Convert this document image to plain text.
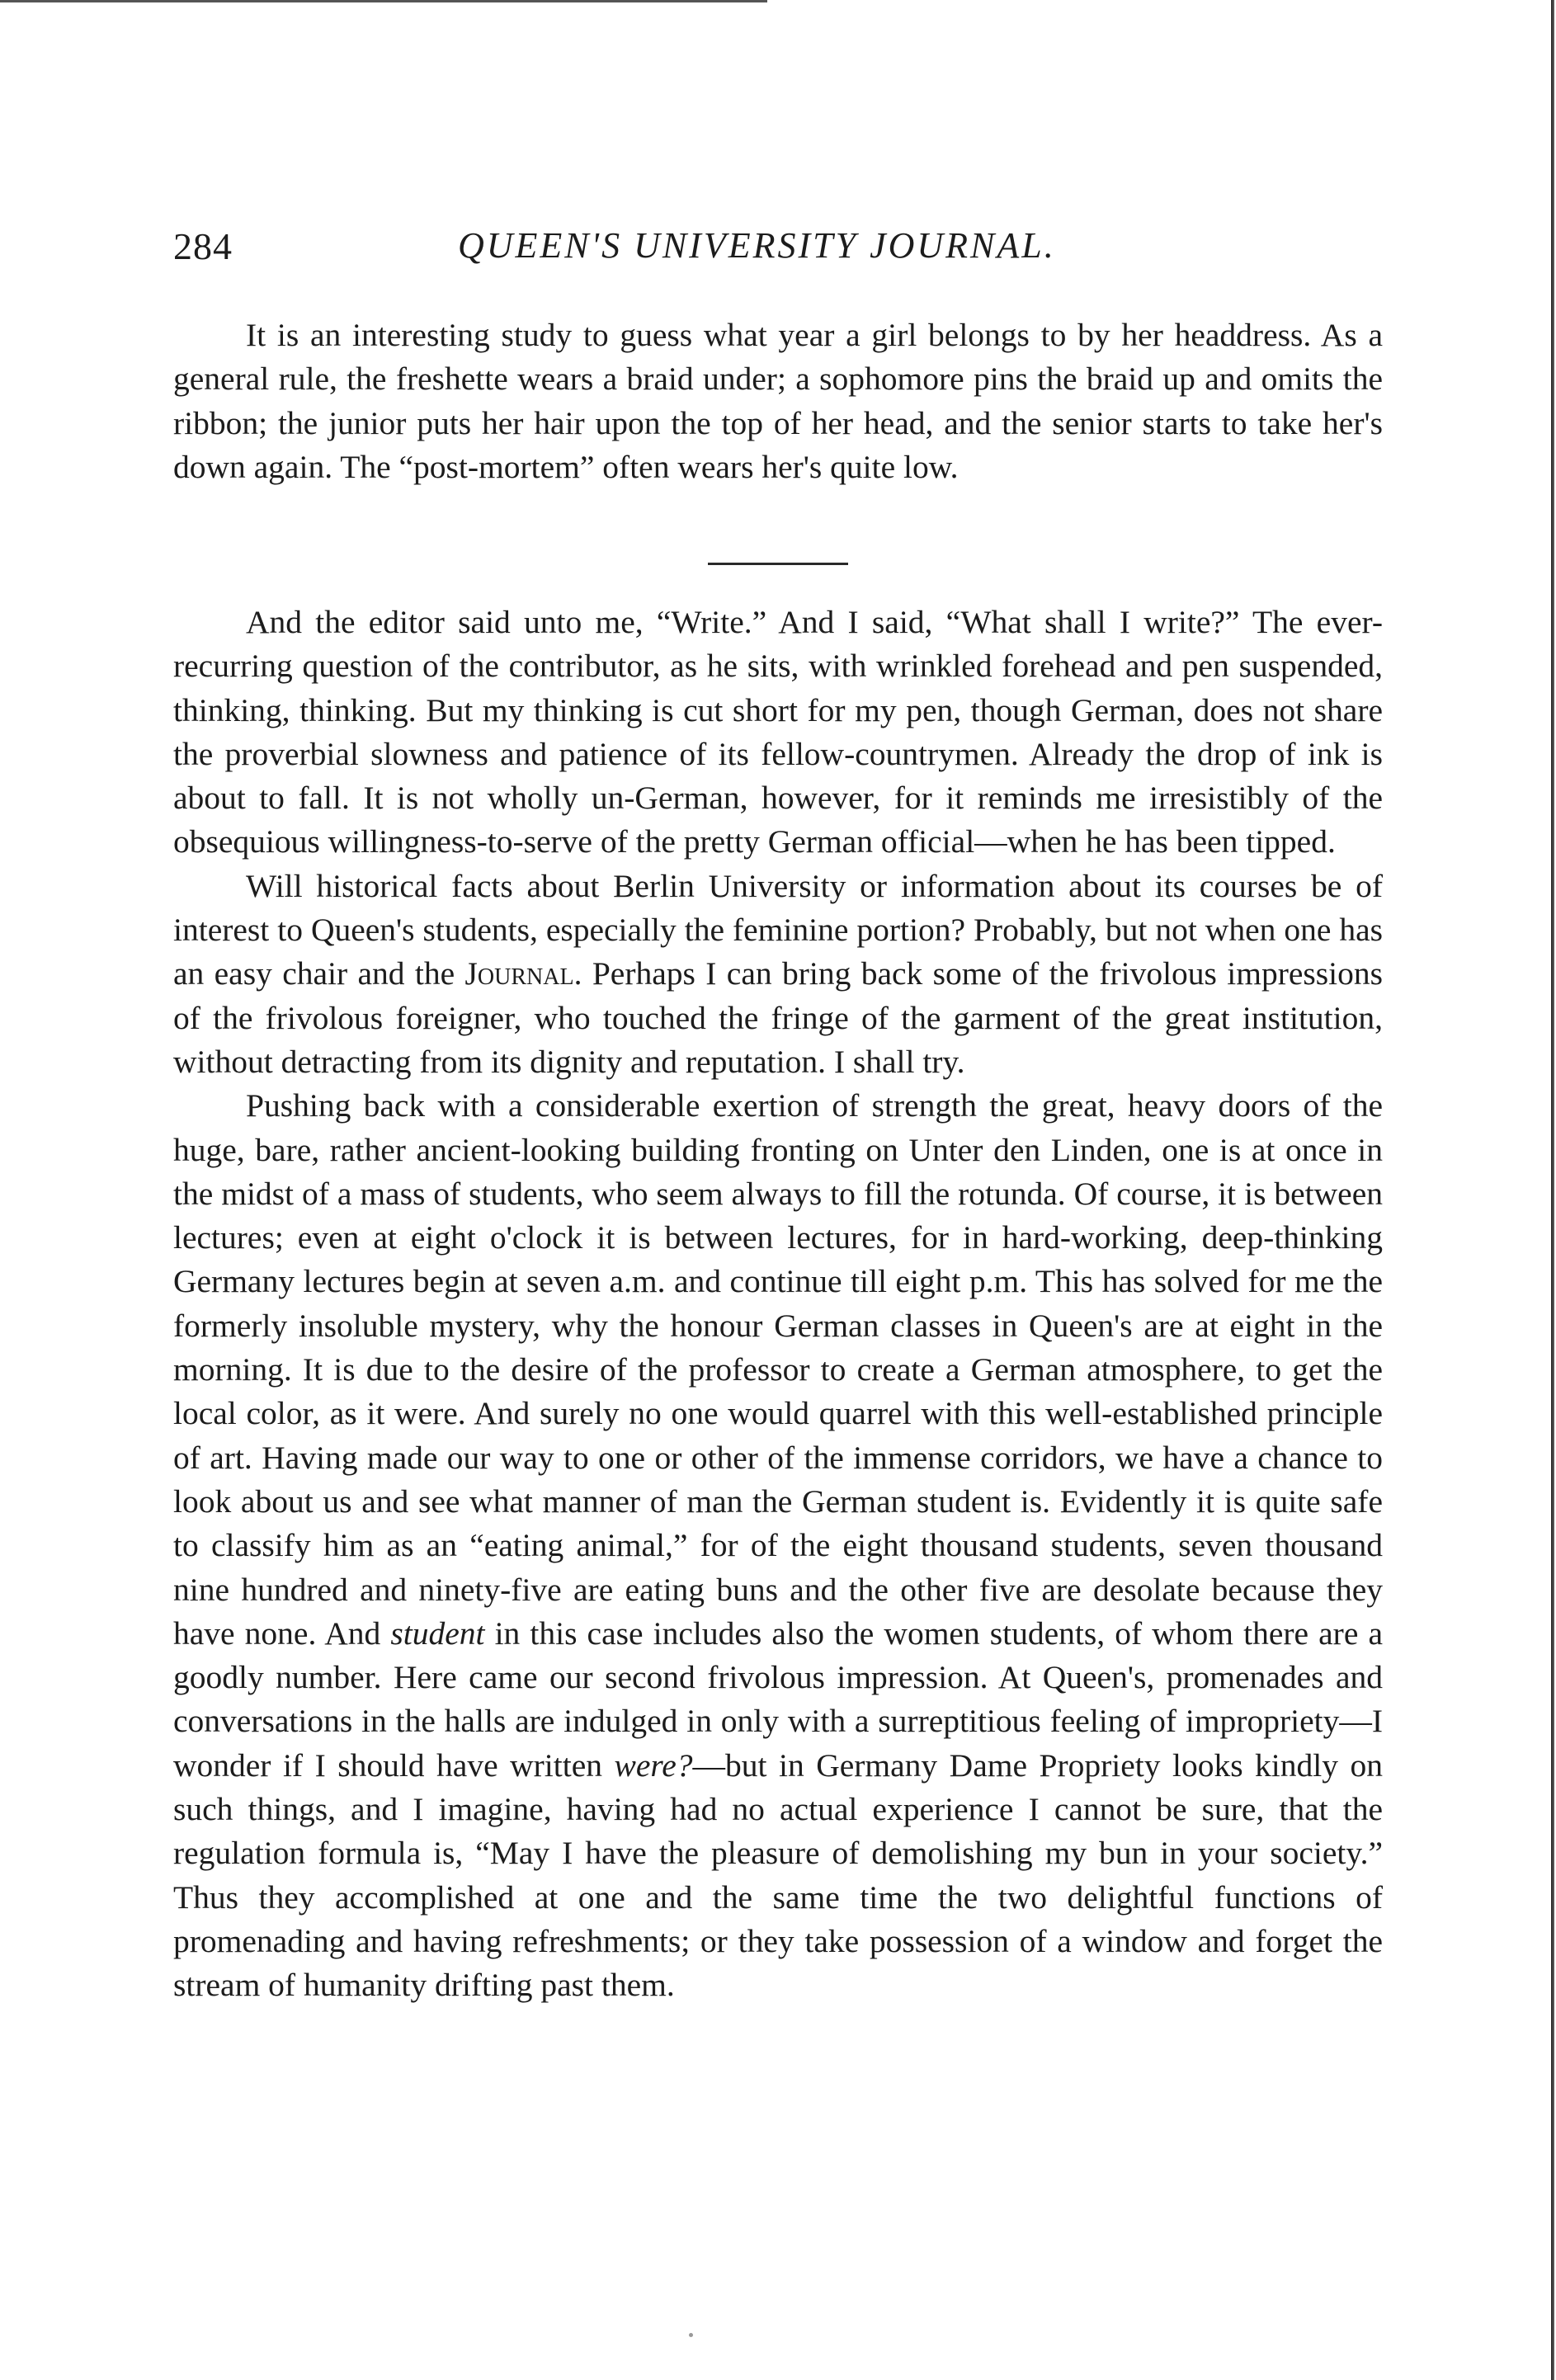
284	QUEEN'S UNIVERSITY JOURNAL.

It is an interesting study to guess what year a girl belongs to by her headdress. As a general rule, the freshette wears a braid under; a sophomore pins the braid up and omits the ribbon; the junior puts her hair upon the top of her head, and the senior starts to take her's down again. The “post-mortem” often wears her's quite low.

And the editor said unto me, “Write.” And I said, “What shall I write?” The ever-recurring question of the contributor, as he sits, with wrinkled forehead and pen suspended, thinking, thinking. But my thinking is cut short for my pen, though German, does not share the proverbial slowness and patience of its fellow-countrymen. Already the drop of ink is about to fall. It is not wholly un-German, however, for it reminds me irresistibly of the obsequious willingness-to-serve of the pretty German official—when he has been tipped.

Will historical facts about Berlin University or information about its courses be of interest to Queen's students, especially the feminine portion? Probably, but not when one has an easy chair and the Journal. Perhaps I can bring back some of the frivolous impressions of the frivolous foreigner, who touched the fringe of the garment of the great institution, without detracting from its dignity and reputation. I shall try.

Pushing back with a considerable exertion of strength the great, heavy doors of the huge, bare, rather ancient-looking building fronting on Unter den Linden, one is at once in the midst of a mass of students, who seem always to fill the rotunda. Of course, it is between lectures; even at eight o'clock it is between lectures, for in hard-working, deep-thinking Germany lectures begin at seven a.m. and continue till eight p.m. This has solved for me the formerly insoluble mystery, why the honour German classes in Queen's are at eight in the morning. It is due to the desire of the professor to create a German atmosphere, to get the local color, as it were. And surely no one would quarrel with this well-established principle of art. Having made our way to one or other of the immense corridors, we have a chance to look about us and see what manner of man the German student is. Evidently it is quite safe to classify him as an “eating animal,” for of the eight thousand students, seven thousand nine hundred and ninety-five are eating buns and the other five are desolate because they have none. And student in this case includes also the women students, of whom there are a goodly number. Here came our second frivolous impression. At Queen's, promenades and conversations in the halls are indulged in only with a surreptitious feeling of impropriety—I wonder if I should have written were?—but in Germany Dame Propriety looks kindly on such things, and I imagine, having had no actual experience I cannot be sure, that the regulation formula is, “May I have the pleasure of demolishing my bun in your society.” Thus they accomplished at one and the same time the two delightful functions of promenading and having refreshments; or they take possession of a window and forget the stream of humanity drifting past them.
